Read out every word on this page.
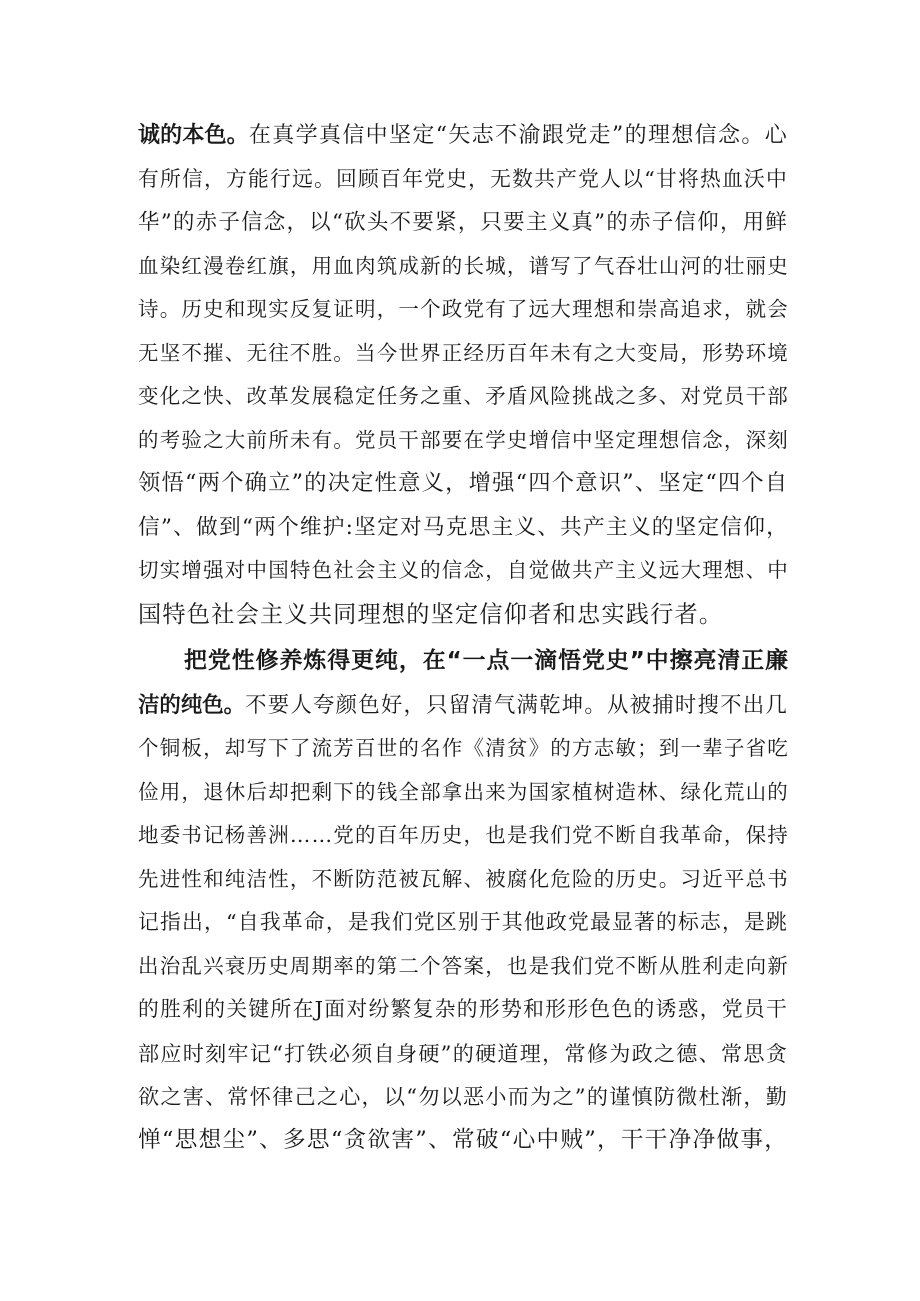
诚的本色。在真学真信中坚定“矢志不渝跟党走”的理想信念。心
有所信，方能行远。回顾百年党史，无数共产党人以“甘将热血沃中
华”的赤子信念，以“砍头不要紧，只要主义真”的赤子信仰，用鲜
血染红漫卷红旗，用血肉筑成新的长城，谱写了气吞壮山河的壮丽史
诗。历史和现实反复证明，一个政党有了远大理想和崇高追求，就会
无坚不摧、无往不胜。当今世界正经历百年未有之大变局，形势环境
变化之快、改革发展稳定任务之重、矛盾风险挑战之多、对党员干部
的考验之大前所未有。党员干部要在学史增信中坚定理想信念，深刻
领悟“两个确立”的决定性意义，增强“四个意识”、坚定“四个自
信”、做到“两个维护:坚定对马克思主义、共产主义的坚定信仰，
切实增强对中国特色社会主义的信念，自觉做共产主义远大理想、中
国特色社会主义共同理想的坚定信仰者和忠实践行者。
把党性修养炼得更纯，在“一点一滴悟党史”中擦亮清正廉
洁的纯色。不要人夸颜色好，只留清气满乾坤。从被捕时搜不出几
个铜板，却写下了流芳百世的名作《清贫》的方志敏；到一辈子省吃
俭用，退休后却把剩下的钱全部拿出来为国家植树造林、绿化荒山的
地委书记杨善洲……党的百年历史，也是我们党不断自我革命，保持
先进性和纯洁性，不断防范被瓦解、被腐化危险的历史。习近平总书
记指出，“自我革命，是我们党区别于其他政党最显著的标志，是跳
出治乱兴衰历史周期率的第二个答案，也是我们党不断从胜利走向新
的胜利的关键所在J面对纷繁复杂的形势和形形色色的诱惑，党员干
部应时刻牢记“打铁必须自身硬”的硬道理，常修为政之德、常思贪
欲之害、常怀律己之心，以“勿以恶小而为之”的谨慎防微杜渐，勤
惮“思想尘”、多思“贪欲害”、常破“心中贼”，干干净净做事，
